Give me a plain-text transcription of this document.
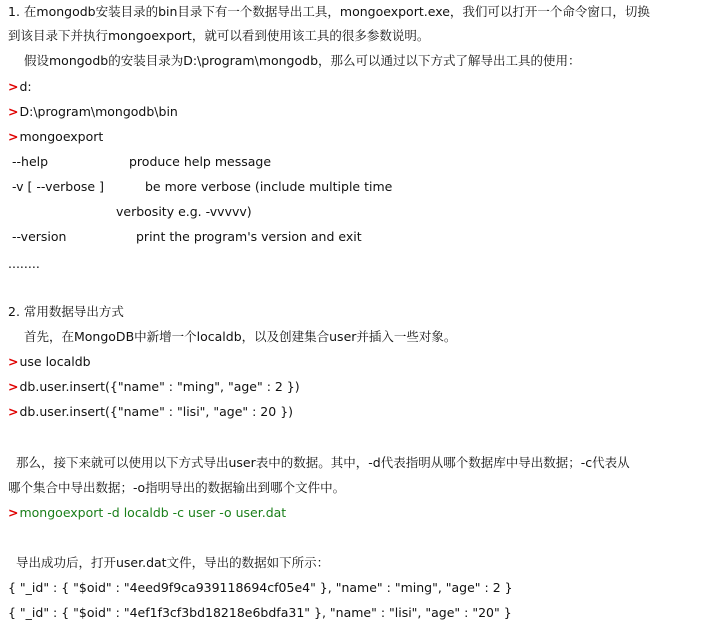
1. 在mongodb安装目录的bin目录下有一个数据导出工具，mongoexport.exe，我们可以打开一个命令窗口，切换
到该目录下并执行mongoexport，就可以看到使用该工具的很多参数说明。
假设mongodb的安装目录为D:\program\mongodb，那么可以通过以下方式了解导出工具的使用：
>d:
>D:\program\mongodb\bin
>mongoexport
--help	produce help message
-v [ --verbose ]	be more verbose (include multiple time
verbosity e.g. -vvvvv)
--version	print the program's version and exit
........
2. 常用数据导出方式
首先，在MongoDB中新增一个localdb，以及创建集合user并插入一些对象。
>use localdb
>db.user.insert({"name" : "ming", "age" : 2 })
>db.user.insert({"name" : "lisi", "age" : 20 })
那么，接下来就可以使用以下方式导出user表中的数据。其中，-d代表指明从哪个数据库中导出数据；-c代表从
哪个集合中导出数据；-o指明导出的数据输出到哪个文件中。
>mongoexport -d localdb -c user -o user.dat
导出成功后，打开user.dat文件，导出的数据如下所示：
{ "_id" : { "$oid" : "4eed9f9ca939118694cf05e4" }, "name" : "ming", "age" : 2 }
{ "_id" : { "$oid" : "4ef1f3cf3bd18218e6bdfa31" }, "name" : "lisi", "age" : "20" }
